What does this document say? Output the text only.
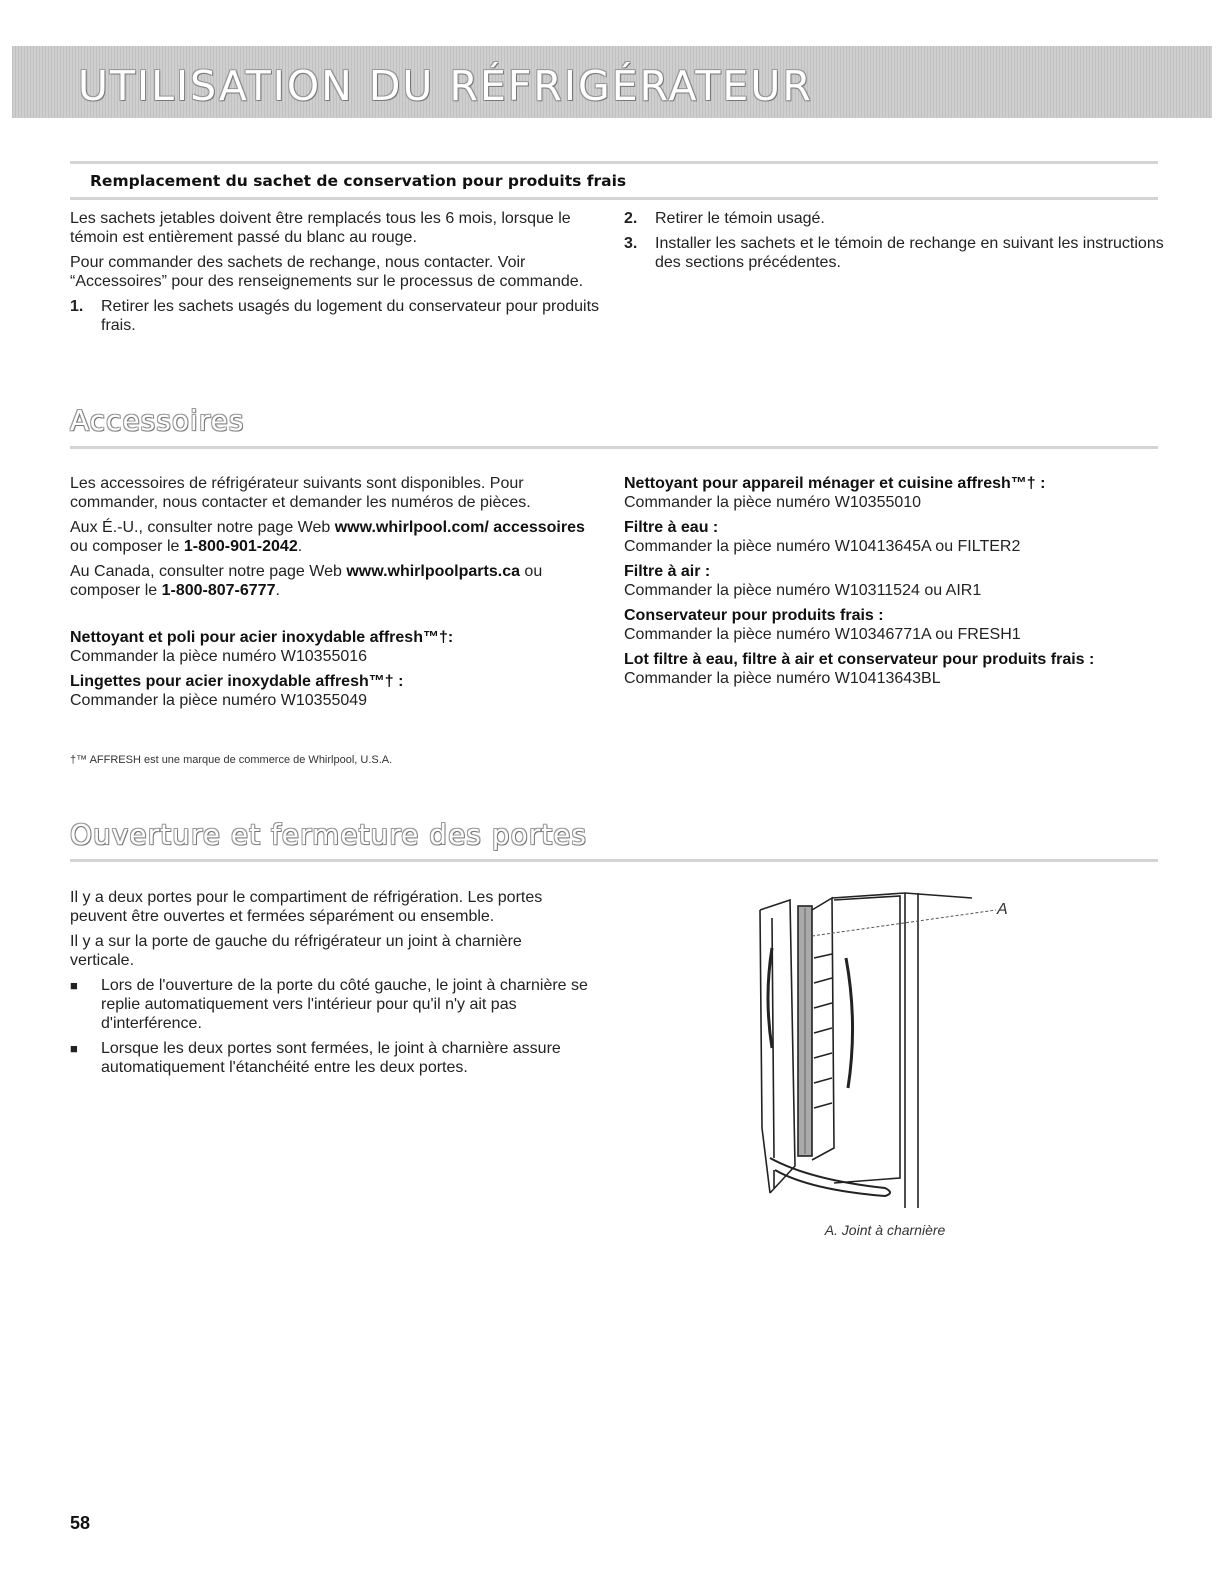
UTILISATION DU RÉFRIGÉRATEUR
Remplacement du sachet de conservation pour produits frais

Les sachets jetables doivent être remplacés tous les 6 mois, lorsque le témoin est entièrement passé du blanc au rouge.

Pour commander des sachets de rechange, nous contacter. Voir “Accessoires” pour des renseignements sur le processus de commande.

1. Retirer les sachets usagés du logement du conservateur pour produits frais.
2. Retirer le témoin usagé.
3. Installer les sachets et le témoin de rechange en suivant les instructions des sections précédentes.
Accessoires

Les accessoires de réfrigérateur suivants sont disponibles. Pour commander, nous contacter et demander les numéros de pièces.

Aux É.-U., consulter notre page Web www.whirlpool.com/ accessoires ou composer le 1-800-901-2042.

Au Canada, consulter notre page Web www.whirlpoolparts.ca ou composer le 1-800-807-6777.

Nettoyant et poli pour acier inoxydable affresh™†:
Commander la pièce numéro W10355016
Lingettes pour acier inoxydable affresh™† :
Commander la pièce numéro W10355049
Nettoyant pour appareil ménager et cuisine affresh™† :
Commander la pièce numéro W10355010
Filtre à eau :
Commander la pièce numéro W10413645A ou FILTER2
Filtre à air :
Commander la pièce numéro W10311524 ou AIR1
Conservateur pour produits frais :
Commander la pièce numéro W10346771A ou FRESH1
Lot filtre à eau, filtre à air et conservateur pour produits frais :
Commander la pièce numéro W10413643BL
†™ AFFRESH est une marque de commerce de Whirlpool, U.S.A.
Ouverture et fermeture des portes

Il y a deux portes pour le compartiment de réfrigération. Les portes peuvent être ouvertes et fermées séparément ou ensemble.

Il y a sur la porte de gauche du réfrigérateur un joint à charnière verticale.

■ Lors de l'ouverture de la porte du côté gauche, le joint à charnière se replie automatiquement vers l'intérieur pour qu'il n'y ait pas d'interférence.
■ Lorsque les deux portes sont fermées, le joint à charnière assure automatiquement l'étanchéité entre les deux portes.
A
A. Joint à charnière
58
